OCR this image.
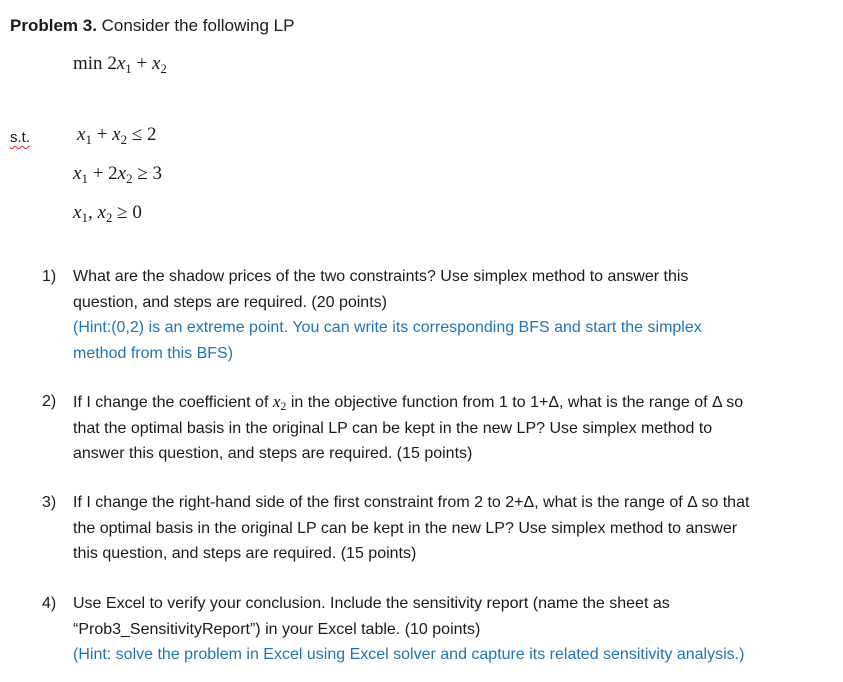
Problem 3. Consider the following LP
$\min 2x_1 + x_2$
s.t. $x_1 + x_2 \le 2$
$x_1 + 2x_2 \ge 3$
$x_1$, $x_2 \ge 0$
1)	What are the shadow prices of the two constraints? Use simplex method to answer this
question, and steps are required. (20 points)
(Hint:(0,2) is an extreme point. You can write its corresponding BFS and start the simplex
method from this BFS)
2)	If I change the coefficient of $x_2$ in the objective function from 1 to 1+Δ, what is the range of Δ so
that the optimal basis in the original LP can be kept in the new LP? Use simplex method to
answer this question, and steps are required. (15 points)
3)	If I change the right-hand side of the first constraint from 2 to 2+Δ, what is the range of Δ so that
the optimal basis in the original LP can be kept in the new LP? Use simplex method to answer
this question, and steps are required. (15 points)
4)	Use Excel to verify your conclusion. Include the sensitivity report (name the sheet as
“Prob3_SensitivityReport”) in your Excel table. (10 points)
(Hint: solve the problem in Excel using Excel solver and capture its related sensitivity analysis.)
